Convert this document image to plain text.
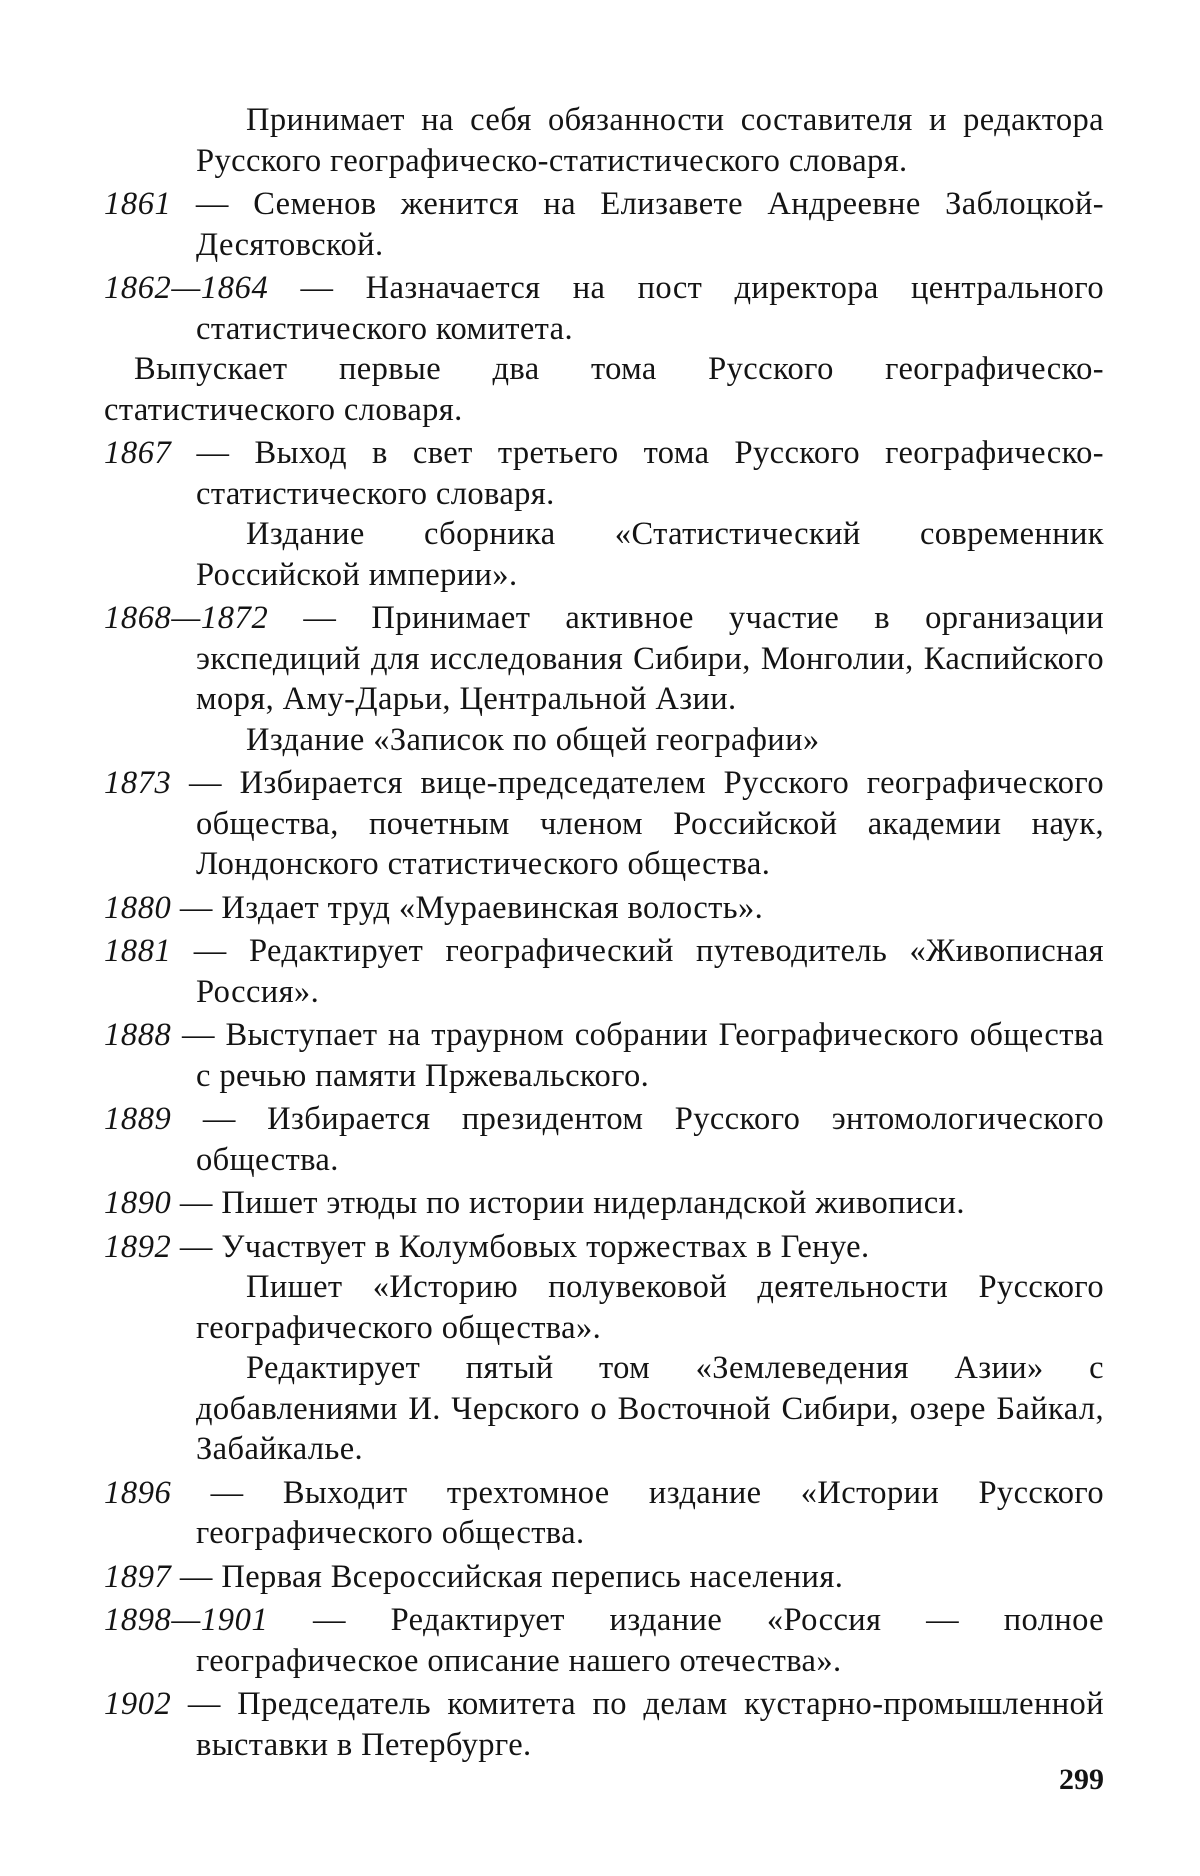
Принимает на себя обязанности составителя и редактора Русского географическо-статистического словаря.

1861 — Семенов женится на Елизавете Андреевне Заблоцкой-Десятовской.

1862—1864 — Назначается на пост директора центрального статистического комитета.

Выпускает первые два тома Русского географическо-статистического словаря.

1867 — Выход в свет третьего тома Русского географическо-статистического словаря.

Издание сборника «Статистический современник Российской империи».

1868—1872 — Принимает активное участие в организации экспедиций для исследования Сибири, Монголии, Каспийского моря, Аму-Дарьи, Центральной Азии.

Издание «Записок по общей географии»

1873 — Избирается вице-председателем Русского географического общества, почетным членом Российской академии наук, Лондонского статистического общества.

1880 — Издает труд «Мураевинская волость».

1881 — Редактирует географический путеводитель «Живописная Россия».

1888 — Выступает на траурном собрании Географического общества с речью памяти Пржевальского.

1889 — Избирается президентом Русского энтомологического общества.

1890 — Пишет этюды по истории нидерландской живописи.

1892 — Участвует в Колумбовых торжествах в Генуе.

Пишет «Историю полувековой деятельности Русского географического общества».

Редактирует пятый том «Землеведения Азии» с добавлениями И. Черского о Восточной Сибири, озере Байкал, Забайкалье.

1896 — Выходит трехтомное издание «Истории Русского географического общества.

1897 — Первая Всероссийская перепись населения.

1898—1901 — Редактирует издание «Россия — полное географическое описание нашего отечества».

1902 — Председатель комитета по делам кустарно-промышленной выставки в Петербурге.

299
